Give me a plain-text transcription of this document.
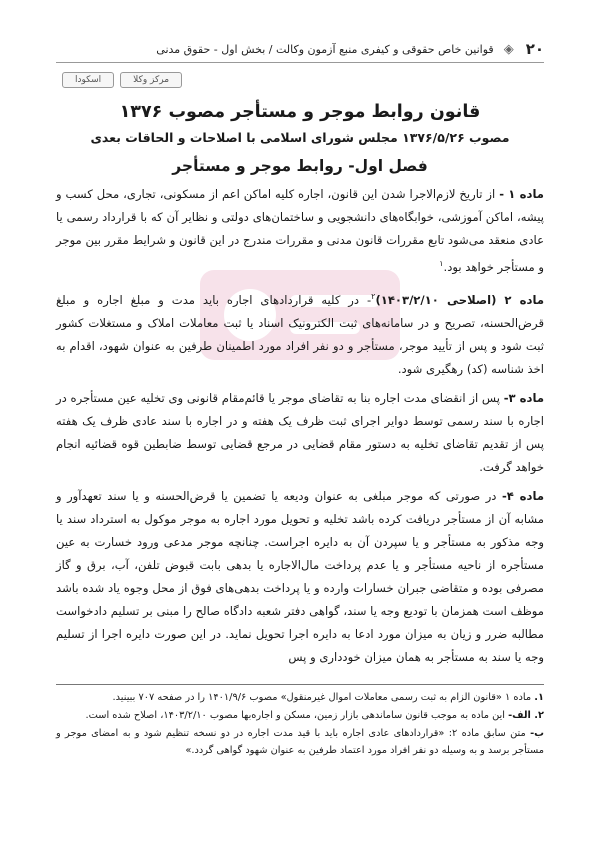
۲۰
◈
قوانین خاص حقوقی و کیفری منبع آزمون وکالت / بخش اول - حقوق مدنی
اسکودا	مرکز وکلا
قانون روابط موجر و مستأجر مصوب ۱۳۷۶
مصوب ۱۳۷۶/۵/۲۶ مجلس شورای اسلامی با اصلاحات و الحاقات بعدی
فصل اول- روابط موجر و مستأجر

ماده ۱ - از تاریخ لازم‌الاجرا شدن این قانون، اجاره کلیه اماکن اعم از مسکونی، تجاری، محل کسب و پیشه، اماکن آموزشی، خوابگاه‌های دانشجویی و ساختمان‌های دولتی و نظایر آن که با قرارداد رسمی یا عادی منعقد می‌شود تابع مقررات قانون مدنی و مقررات مندرج در این قانون و شرایط مقرر بین موجر و مستأجر خواهد بود.$^۱$

ماده ۲ (اصلاحی ۱۴۰۳/۲/۱۰)$^۲$- در کلیه قراردادهای اجاره باید مدت و مبلغ اجاره و مبلغ قرض‌الحسنه، تصریح و در سامانه‌های ثبت الکترونیک اسناد یا ثبت معاملات املاک و مستغلات کشور ثبت شود و پس از تأیید موجر، مستأجر و دو نفر افراد مورد اطمینان طرفین به عنوان شهود، اقدام به اخذ شناسه (کد) رهگیری شود.

ماده ۳- پس از انقضای مدت اجاره بنا به تقاضای موجر یا قائم‌مقام قانونی وی تخلیه عین مستأجره در اجاره با سند رسمی توسط دوایر اجرای ثبت ظرف یک هفته و در اجاره با سند عادی ظرف یک هفته پس از تقدیم تقاضای تخلیه به دستور مقام قضایی در مرجع قضایی توسط ضابطین قوه قضائیه انجام خواهد گرفت.

ماده ۴- در صورتی که موجر مبلغی به عنوان ودیعه یا تضمین یا قرض‌الحسنه و یا سند تعهدآور و مشابه آن از مستأجر دریافت کرده باشد تخلیه و تحویل مورد اجاره به موجر موکول به استرداد سند یا وجه مذکور به مستأجر و یا سپردن آن به دایره اجراست. چنانچه موجر مدعی ورود خسارت به عین مستأجره از ناحیه مستأجر و یا عدم پرداخت مال‌الاجاره یا بدهی بابت قبوض تلفن، آب، برق و گاز مصرفی بوده و متقاضی جبران خسارات وارده و یا پرداخت بدهی‌های فوق از محل وجوه یاد شده باشد موظف است همزمان با تودیع وجه یا سند، گواهی دفتر شعبه دادگاه صالح را مبنی بر تسلیم دادخواست مطالبه ضرر و زیان به میزان مورد ادعا به دایره اجرا تحویل نماید. در این صورت دایره اجرا از تسلیم وجه یا سند به مستأجر به همان میزان خودداری و پس

۱. ماده ۱ «قانون الزام به ثبت رسمی معاملات اموال غیرمنقول» مصوب ۱۴۰۱/۹/۶ را در صفحه ۷۰۷ ببینید.

۲. الف- این ماده به موجب قانون ساماندهی بازار زمین، مسکن و اجاره‌بها مصوب ۱۴۰۳/۲/۱۰، اصلاح شده است.

ب- متن سابق ماده ۲: «قراردادهای عادی اجاره باید با قید مدت اجاره در دو نسخه تنظیم شود و به امضای موجر و مستأجر برسد و به وسیله دو نفر افراد مورد اعتماد طرفین به عنوان شهود گواهی گردد.»
